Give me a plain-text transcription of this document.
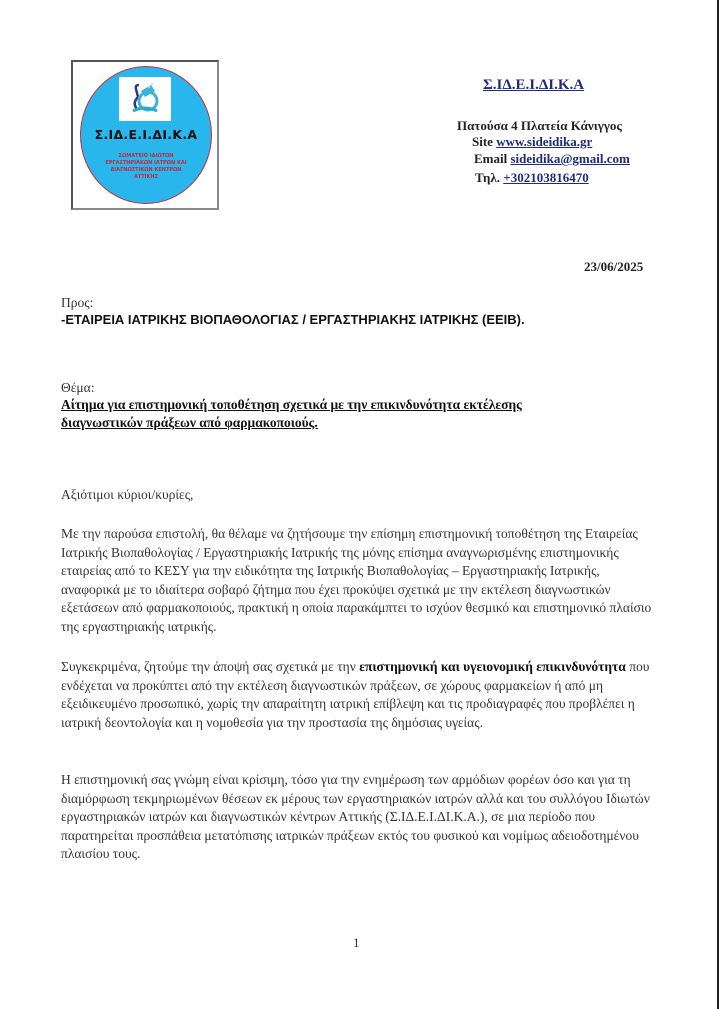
Σ.ΙΔ.Ε.Ι.ΔΙ.Κ.Α
ΣΩΜΑΤΕΙΟ ΙΔΙΩΤΩΝ
ΕΡΓΑΣΤΗΡΙΑΚΩΝ ΙΑΤΡΩΝ ΚΑΙ
ΔΙΑΓΝΩΣΤΙΚΩΝ ΚΕΝΤΡΩΝ
ΑΤΤΙΚΗΣ
Σ.ΙΔ.Ε.Ι.ΔΙ.Κ.Α
Πατούσα 4 Πλατεία Κάνιγγος
Site www.sideidika.gr
Email sideidika@gmail.com
Τηλ. +302103816470
23/06/2025
Προς:
-ΕΤΑΙΡΕΙΑ ΙΑΤΡΙΚΗΣ ΒΙΟΠΑΘΟΛΟΓΙΑΣ / ΕΡΓΑΣΤΗΡΙΑΚΗΣ ΙΑΤΡΙΚΗΣ (ΕΕΙΒ).
Θέμα:
Αίτημα για επιστημονική τοποθέτηση σχετικά με την επικινδυνότητα εκτέλεσης
διαγνωστικών πράξεων από φαρμακοποιούς.
Αξιότιμοι κύριοι/κυρίες,
Με την παρούσα επιστολή, θα θέλαμε να ζητήσουμε την επίσημη επιστημονική τοποθέτηση της Εταιρείας Ιατρικής Βιοπαθολογίας / Εργαστηριακής Ιατρικής της μόνης επίσημα αναγνωρισμένης επιστημονικής εταιρείας από το ΚΕΣΥ για την ειδικότητα της Ιατρικής Βιοπαθολογίας – Εργαστηριακής Ιατρικής, αναφορικά με το ιδιαίτερα σοβαρό ζήτημα που έχει προκύψει σχετικά με την εκτέλεση διαγνωστικών εξετάσεων από φαρμακοποιούς, πρακτική η οποία παρακάμπτει το ισχύον θεσμικό και επιστημονικό πλαίσιο της εργαστηριακής ιατρικής.
Συγκεκριμένα, ζητούμε την άποψή σας σχετικά με την επιστημονική και υγειονομική επικινδυνότητα που ενδέχεται να προκύπτει από την εκτέλεση διαγνωστικών πράξεων, σε χώρους φαρμακείων ή από μη εξειδικευμένο προσωπικό, χωρίς την απαραίτητη ιατρική επίβλεψη και τις προδιαγραφές που προβλέπει η ιατρική δεοντολογία και η νομοθεσία για την προστασία της δημόσιας υγείας.
Η επιστημονική σας γνώμη είναι κρίσιμη, τόσο για την ενημέρωση των αρμόδιων φορέων όσο και για τη διαμόρφωση τεκμηριωμένων θέσεων εκ μέρους των εργαστηριακών ιατρών αλλά και του συλλόγου Ιδιωτών εργαστηριακών ιατρών και διαγνωστικών κέντρων Αττικής (Σ.ΙΔ.Ε.Ι.ΔΙ.Κ.Α.), σε μια περίοδο που παρατηρείται προσπάθεια μετατόπισης ιατρικών πράξεων εκτός του φυσικού και νομίμως αδειοδοτημένου πλαισίου τους.
1
